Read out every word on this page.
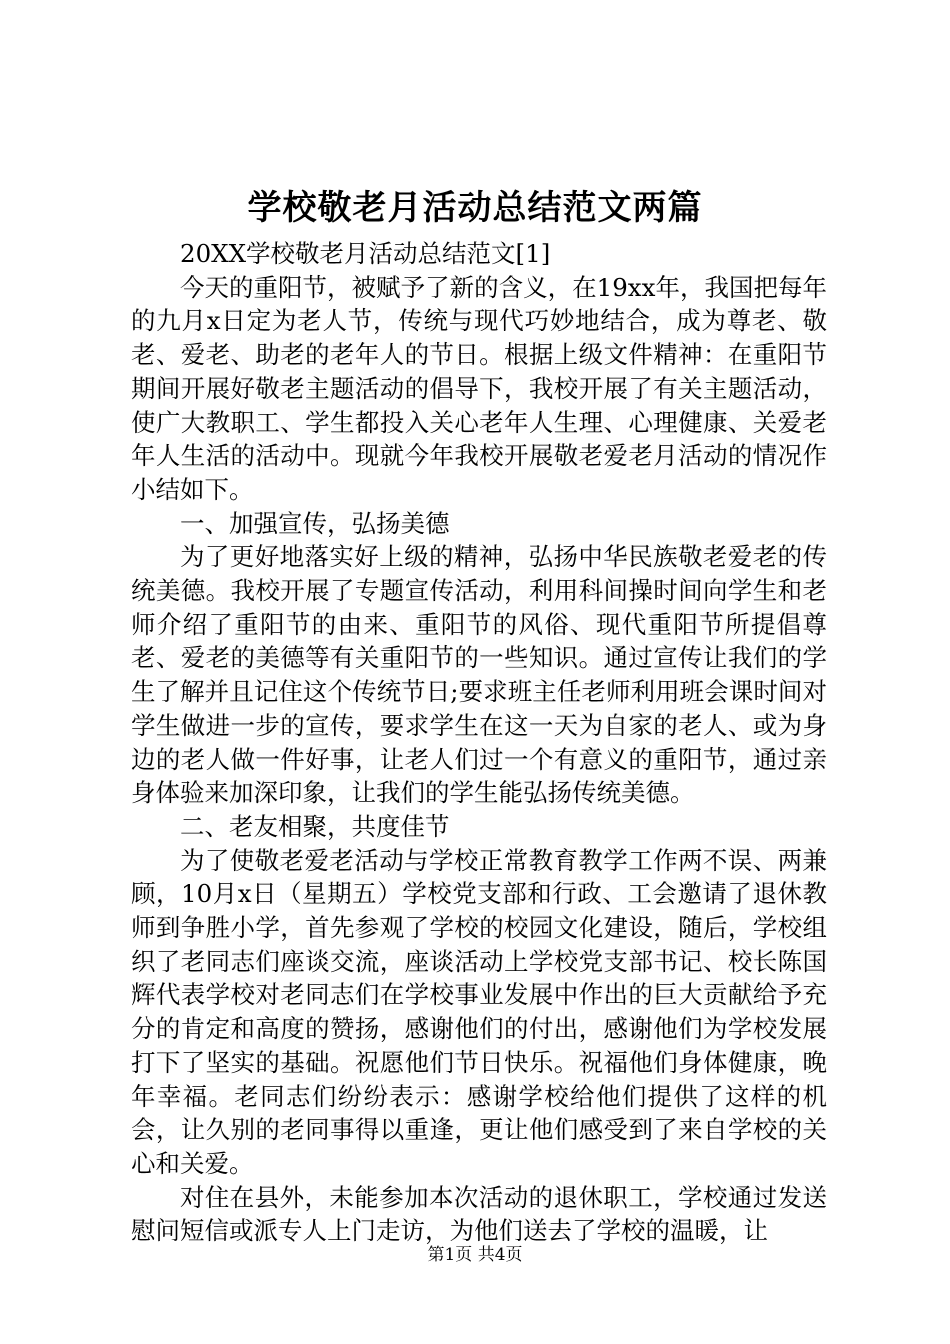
学校敬老月活动总结范文两篇

20XX学校敬老月活动总结范文[1]

今天的重阳节，被赋予了新的含义，在19xx年，我国把每年的九月x日定为老人节，传统与现代巧妙地结合，成为尊老、敬老、爱老、助老的老年人的节日。根据上级文件精神：在重阳节期间开展好敬老主题活动的倡导下，我校开展了有关主题活动，使广大教职工、学生都投入关心老年人生理、心理健康、关爱老年人生活的活动中。现就今年我校开展敬老爱老月活动的情况作小结如下。

一、加强宣传，弘扬美德

为了更好地落实好上级的精神，弘扬中华民族敬老爱老的传统美德。我校开展了专题宣传活动，利用科间操时间向学生和老师介绍了重阳节的由来、重阳节的风俗、现代重阳节所提倡尊老、爱老的美德等有关重阳节的一些知识。通过宣传让我们的学生了解并且记住这个传统节日;要求班主任老师利用班会课时间对学生做进一步的宣传，要求学生在这一天为自家的老人、或为身边的老人做一件好事，让老人们过一个有意义的重阳节，通过亲身体验来加深印象，让我们的学生能弘扬传统美德。

二、老友相聚，共度佳节

为了使敬老爱老活动与学校正常教育教学工作两不误、两兼顾，10月x日（星期五）学校党支部和行政、工会邀请了退休教师到争胜小学，首先参观了学校的校园文化建设，随后，学校组织了老同志们座谈交流，座谈活动上学校党支部书记、校长陈国辉代表学校对老同志们在学校事业发展中作出的巨大贡献给予充分的肯定和高度的赞扬，感谢他们的付出，感谢他们为学校发展打下了坚实的基础。祝愿他们节日快乐。祝福他们身体健康，晚年幸福。老同志们纷纷表示：感谢学校给他们提供了这样的机会，让久别的老同事得以重逢，更让他们感受到了来自学校的关心和关爱。

对住在县外，未能参加本次活动的退休职工，学校通过发送慰问短信或派专人上门走访，为他们送去了学校的温暖，让

第1页 共4页
